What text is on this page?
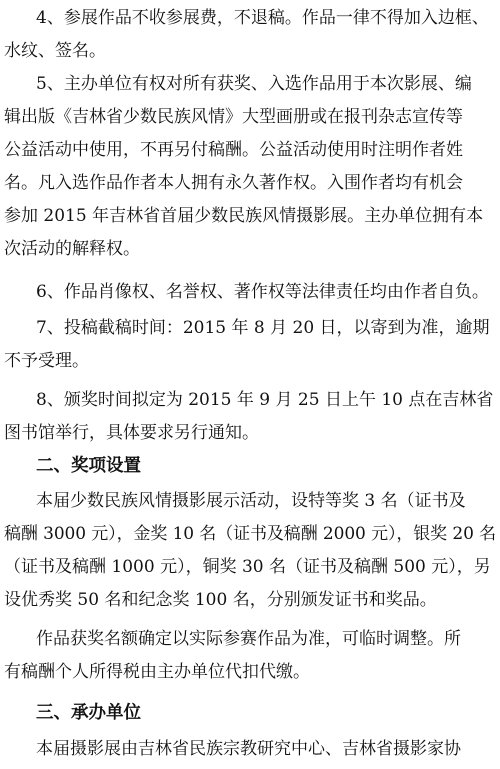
4、参展作品不收参展费，不退稿。作品一律不得加入边框、
水纹、签名。
5、主办单位有权对所有获奖、入选作品用于本次影展、编
辑出版《吉林省少数民族风情》大型画册或在报刊杂志宣传等
公益活动中使用，不再另付稿酬。公益活动使用时注明作者姓
名。凡入选作品作者本人拥有永久著作权。入围作者均有机会
参加 2015 年吉林省首届少数民族风情摄影展。主办单位拥有本
次活动的解释权。
6、作品肖像权、名誉权、著作权等法律责任均由作者自负。
7、投稿截稿时间：2015 年 8 月 20 日，以寄到为准，逾期
不予受理。
8、颁奖时间拟定为 2015 年 9 月 25 日上午 10 点在吉林省
图书馆举行，具体要求另行通知。
二、奖项设置
本届少数民族风情摄影展示活动，设特等奖 3 名（证书及
稿酬 3000 元），金奖 10 名（证书及稿酬 2000 元），银奖 20 名
（证书及稿酬 1000 元），铜奖 30 名（证书及稿酬 500 元），另
设优秀奖 50 名和纪念奖 100 名，分别颁发证书和奖品。
作品获奖名额确定以实际参赛作品为准，可临时调整。所
有稿酬个人所得税由主办单位代扣代缴。
三、承办单位
本届摄影展由吉林省民族宗教研究中心、吉林省摄影家协
